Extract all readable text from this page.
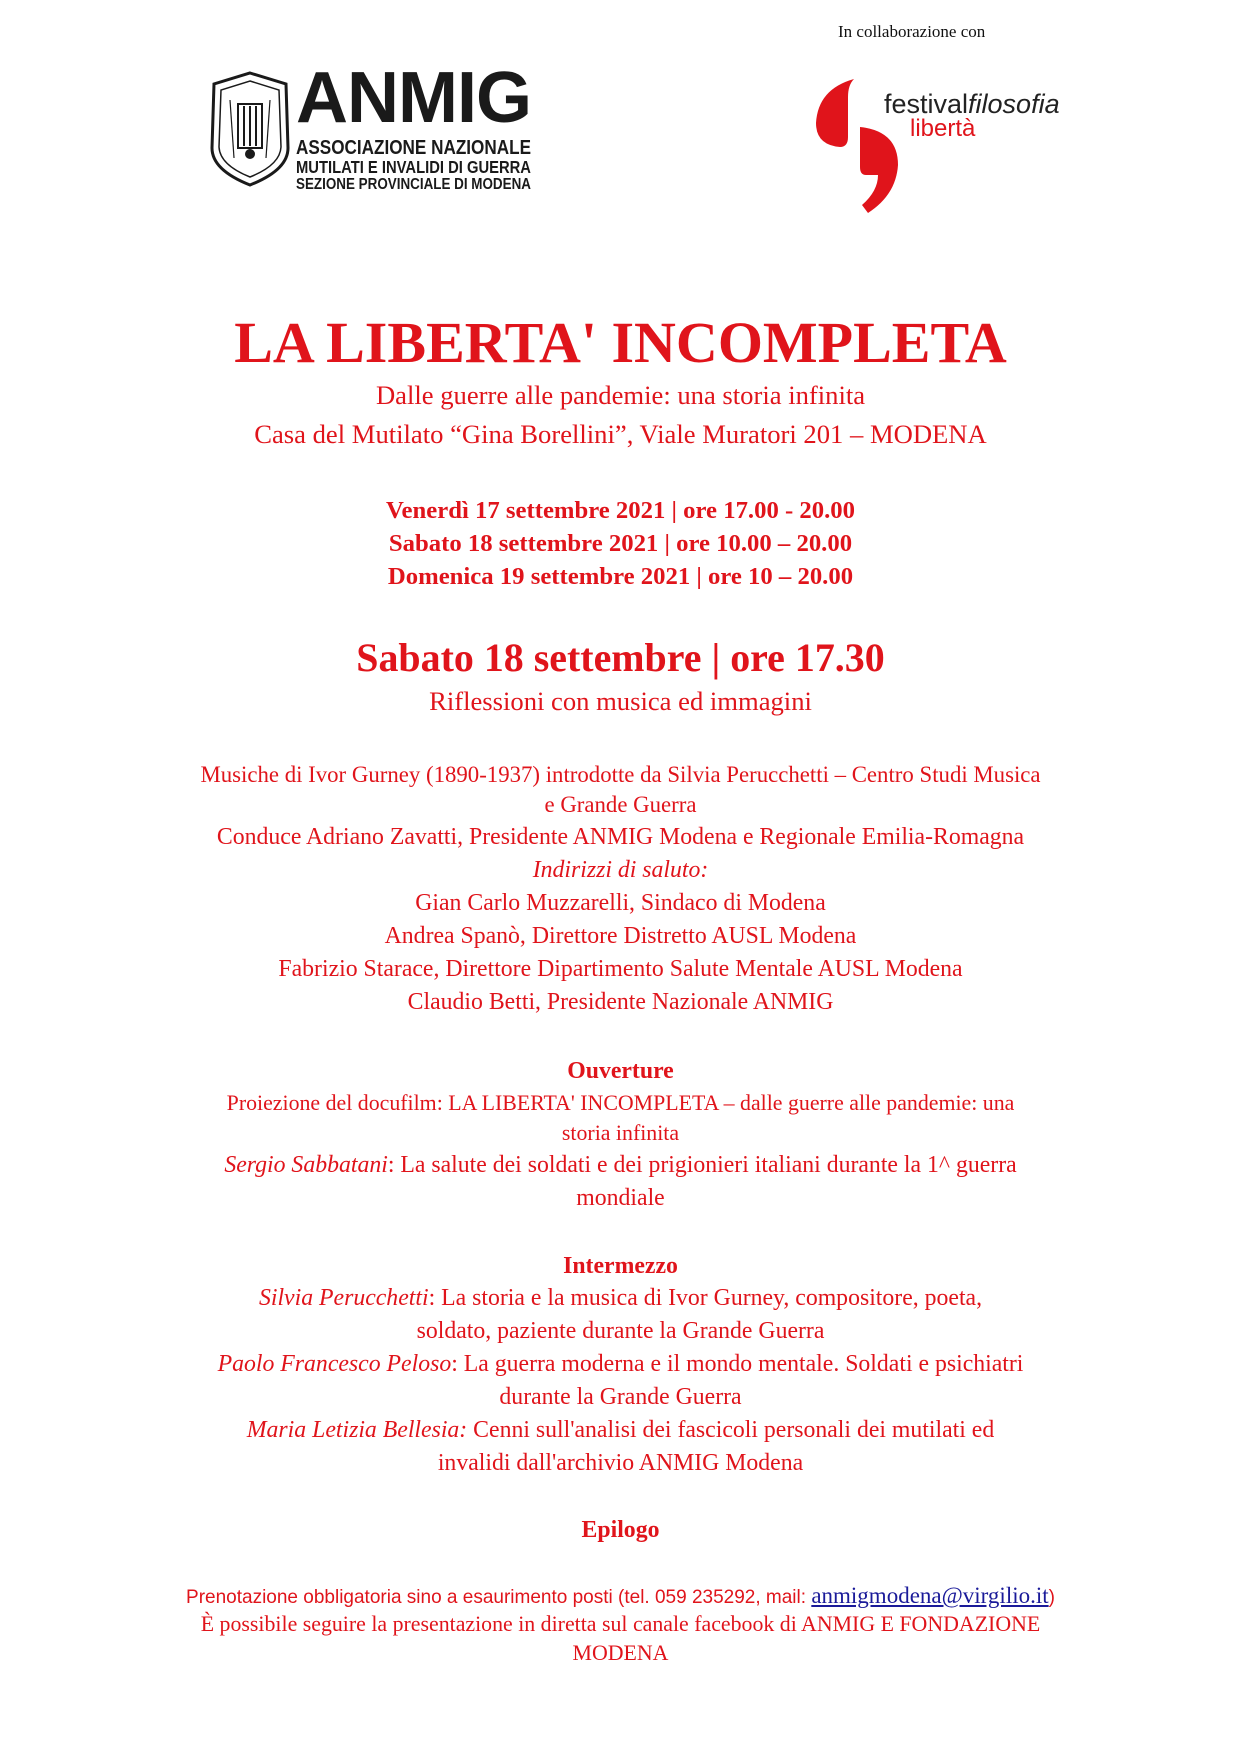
In collaborazione con
ANMIG
ASSOCIAZIONE NAZIONALE
MUTILATI E INVALIDI DI GUERRA
SEZIONE PROVINCIALE DI MODENA
festivalfilosofia
libertà
LA LIBERTA' INCOMPLETA
Dalle guerre alle pandemie: una storia infinita
Casa del Mutilato “Gina Borellini”, Viale Muratori 201 – MODENA
Venerdì 17 settembre 2021 | ore 17.00 - 20.00
Sabato 18 settembre 2021 | ore 10.00 – 20.00
Domenica 19 settembre 2021 | ore 10 – 20.00
Sabato 18 settembre | ore 17.30
Riflessioni con musica ed immagini
Musiche di Ivor Gurney (1890-1937) introdotte da Silvia Perucchetti – Centro Studi Musica
e Grande Guerra
Conduce Adriano Zavatti, Presidente ANMIG Modena e Regionale Emilia-Romagna
Indirizzi di saluto:
Gian Carlo Muzzarelli, Sindaco di Modena
Andrea Spanò, Direttore Distretto AUSL Modena
Fabrizio Starace, Direttore Dipartimento Salute Mentale AUSL Modena
Claudio Betti, Presidente Nazionale ANMIG
Ouverture
Proiezione del docufilm: LA LIBERTA' INCOMPLETA – dalle guerre alle pandemie: una
storia infinita
Sergio Sabbatani: La salute dei soldati e dei prigionieri italiani durante la 1^ guerra
mondiale
Intermezzo
Silvia Perucchetti: La storia e la musica di Ivor Gurney, compositore, poeta,
soldato, paziente durante la Grande Guerra
Paolo Francesco Peloso: La guerra moderna e il mondo mentale. Soldati e psichiatri
durante la Grande Guerra
Maria Letizia Bellesia: Cenni sull'analisi dei fascicoli personali dei mutilati ed
invalidi dall'archivio ANMIG Modena
Epilogo
Prenotazione obbligatoria sino a esaurimento posti (tel. 059 235292, mail: anmigmodena@virgilio.it)
È possibile seguire la presentazione in diretta sul canale facebook di ANMIG E FONDAZIONE
MODENA
